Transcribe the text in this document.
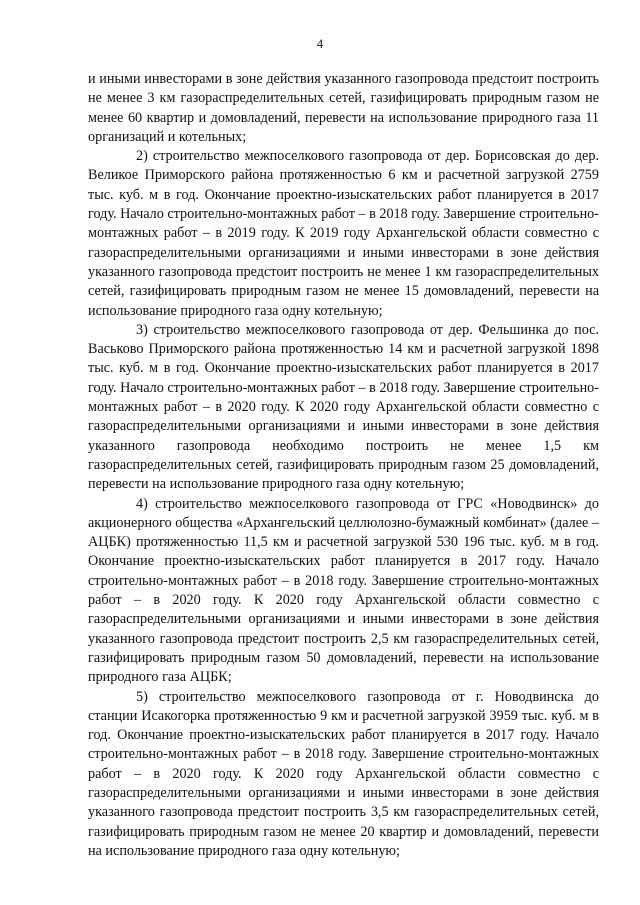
4

и иными инвесторами в зоне действия указанного газопровода предстоит построить не менее 3 км газораспределительных сетей, газифицировать природным газом не менее 60 квартир и домовладений, перевести на использование природного газа 11 организаций и котельных;

2) строительство межпоселкового газопровода от дер. Борисовская до дер. Великое Приморского района протяженностью 6 км и расчетной загрузкой 2759 тыс. куб. м в год. Окончание проектно-изыскательских работ планируется в 2017 году. Начало строительно-монтажных работ – в 2018 году. Завершение строительно-монтажных работ – в 2019 году. К 2019 году Архангельской области совместно с газораспределительными организациями и иными инвесторами в зоне действия указанного газопровода предстоит построить не менее 1 км газораспределительных сетей, газифицировать природным газом не менее 15 домовладений, перевести на использование природного газа одну котельную;

3) строительство межпоселкового газопровода от дер. Фельшинка до пос. Васьково Приморского района протяженностью 14 км и расчетной загрузкой 1898 тыс. куб. м в год. Окончание проектно-изыскательских работ планируется в 2017 году. Начало строительно-монтажных работ – в 2018 году. Завершение строительно-монтажных работ – в 2020 году. К 2020 году Архангельской области совместно с газораспределительными организациями и иными инвесторами в зоне действия указанного газопровода необходимо построить не менее 1,5 км газораспределительных сетей, газифицировать природным газом 25 домовладений, перевести на использование природного газа одну котельную;

4) строительство межпоселкового газопровода от ГРС «Новодвинск» до акционерного общества «Архангельский целлюлозно-бумажный комбинат» (далее – АЦБК) протяженностью 11,5 км и расчетной загрузкой 530 196 тыс. куб. м в год. Окончание проектно-изыскательских работ планируется в 2017 году. Начало строительно-монтажных работ – в 2018 году. Завершение строительно-монтажных работ – в 2020 году. К 2020 году Архангельской области совместно с газораспределительными организациями и иными инвесторами в зоне действия указанного газопровода предстоит построить 2,5 км газораспределительных сетей, газифицировать природным газом 50 домовладений, перевести на использование природного газа АЦБК;

5) строительство межпоселкового газопровода от г. Новодвинска до станции Исакогорка протяженностью 9 км и расчетной загрузкой 3959 тыс. куб. м в год. Окончание проектно-изыскательских работ планируется в 2017 году. Начало строительно-монтажных работ – в 2018 году. Завершение строительно-монтажных работ – в 2020 году. К 2020 году Архангельской области совместно с газораспределительными организациями и иными инвесторами в зоне действия указанного газопровода предстоит построить 3,5 км газораспределительных сетей, газифицировать природным газом не менее 20 квартир и домовладений, перевести на использование природного газа одну котельную;
